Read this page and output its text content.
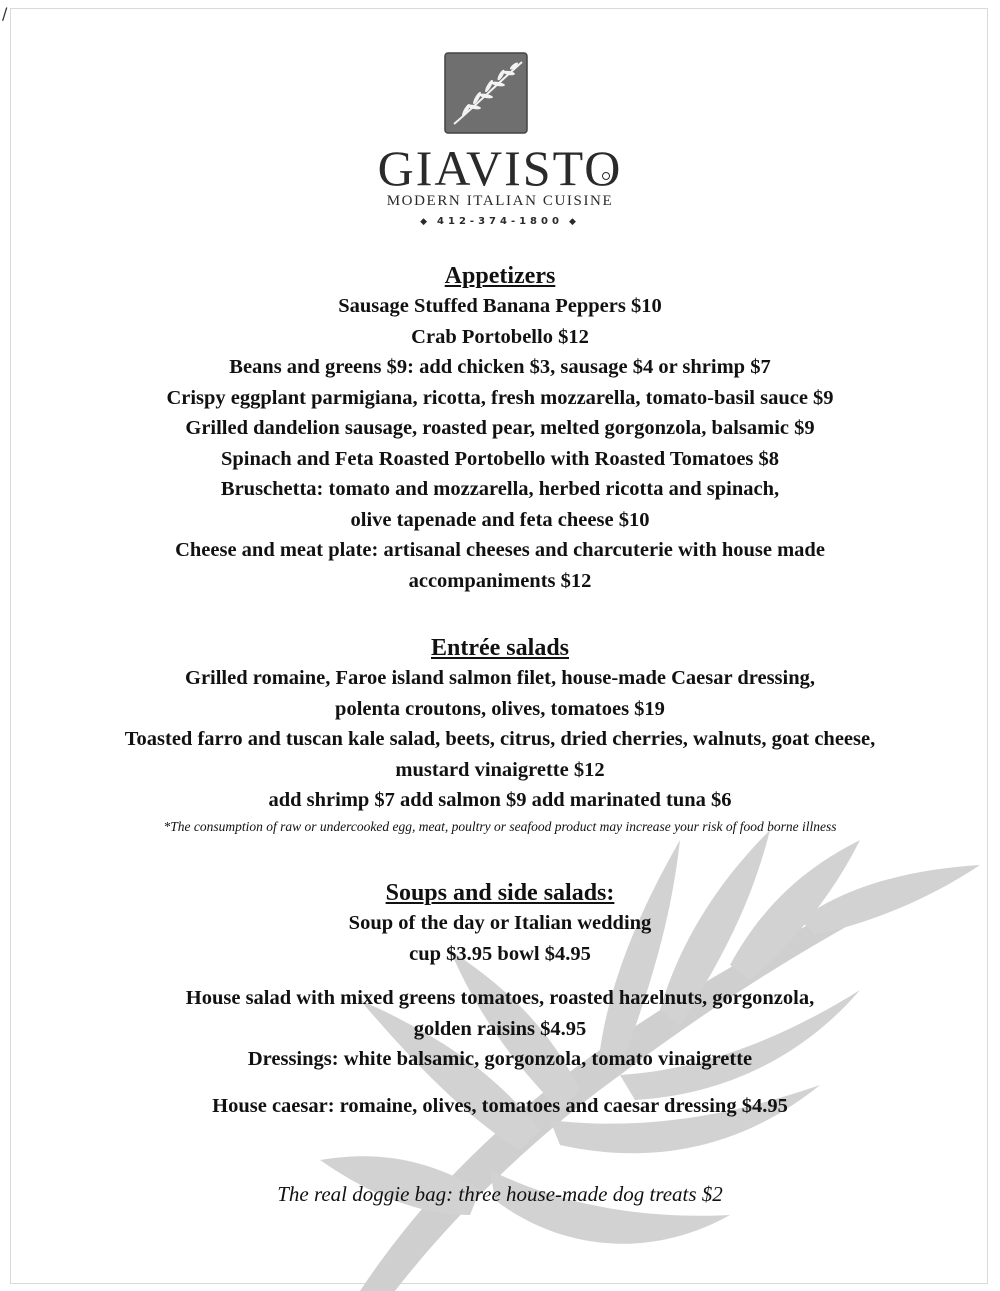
/
GIAVISTO
MODERN ITALIAN CUISINE
◆ 412-374-1800 ◆
Appetizers
Sausage Stuffed Banana Peppers $10
Crab Portobello $12
Beans and greens $9: add chicken $3, sausage $4 or shrimp $7
Crispy eggplant parmigiana, ricotta, fresh mozzarella, tomato-basil sauce $9
Grilled dandelion sausage, roasted pear, melted gorgonzola, balsamic $9
Spinach and Feta Roasted Portobello with Roasted Tomatoes $8
Bruschetta: tomato and mozzarella, herbed ricotta and spinach,
olive tapenade and feta cheese $10
Cheese and meat plate: artisanal cheeses and charcuterie with house made
accompaniments $12
Entrée salads
Grilled romaine, Faroe island salmon filet, house-made Caesar dressing,
polenta croutons, olives, tomatoes $19
Toasted farro and tuscan kale salad, beets, citrus, dried cherries, walnuts, goat cheese,
mustard vinaigrette $12
add shrimp $7 add salmon $9 add marinated tuna $6
*The consumption of raw or undercooked egg, meat, poultry or seafood product may increase your risk of food borne illness
Soups and side salads:
Soup of the day or Italian wedding
cup $3.95 bowl $4.95
House salad with mixed greens tomatoes, roasted hazelnuts, gorgonzola,
golden raisins $4.95
Dressings: white balsamic, gorgonzola, tomato vinaigrette
House caesar: romaine, olives, tomatoes and caesar dressing $4.95
The real doggie bag: three house-made dog treats $2
